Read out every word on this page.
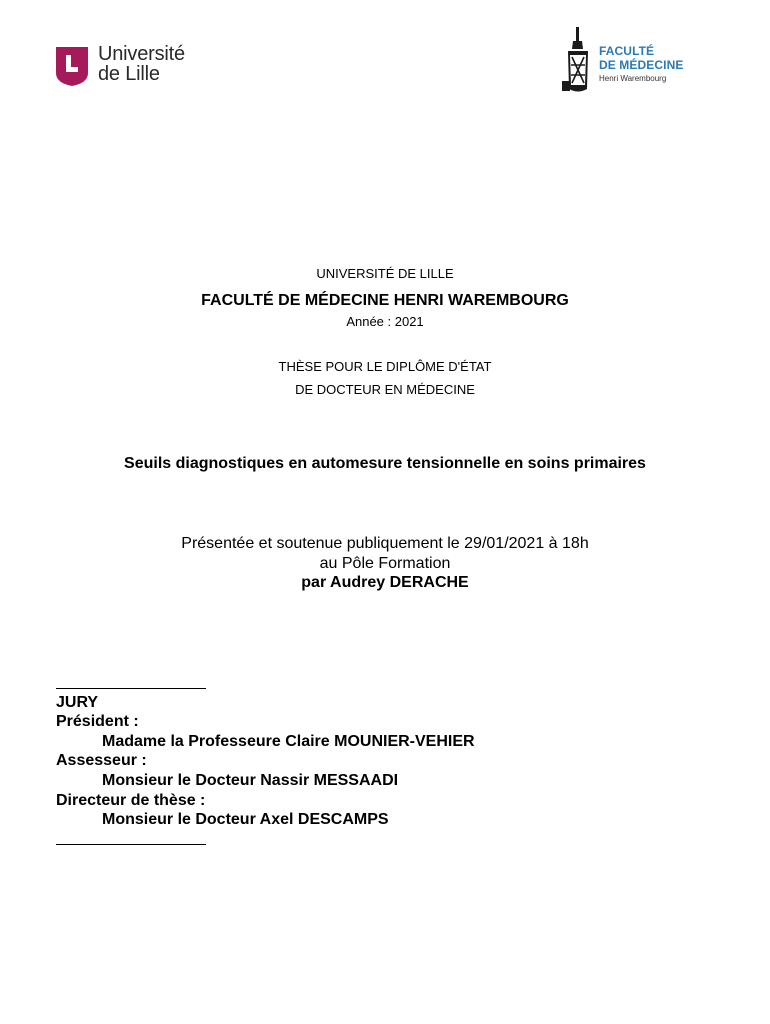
Université
de Lille
FACULTÉ
DE MÉDECINE
Henri Warembourg
UNIVERSITÉ DE LILLE
FACULTÉ DE MÉDECINE HENRI WAREMBOURG
Année : 2021
THÈSE POUR LE DIPLÔME D'ÉTAT
DE DOCTEUR EN MÉDECINE
Seuils diagnostiques en automesure tensionnelle en soins primaires
Présentée et soutenue publiquement le 29/01/2021 à 18h
au Pôle Formation
par Audrey DERACHE
JURY
Président :
Madame la Professeure Claire MOUNIER-VEHIER
Assesseur :
Monsieur le Docteur Nassir MESSAADI
Directeur de thèse :
Monsieur le Docteur Axel DESCAMPS
